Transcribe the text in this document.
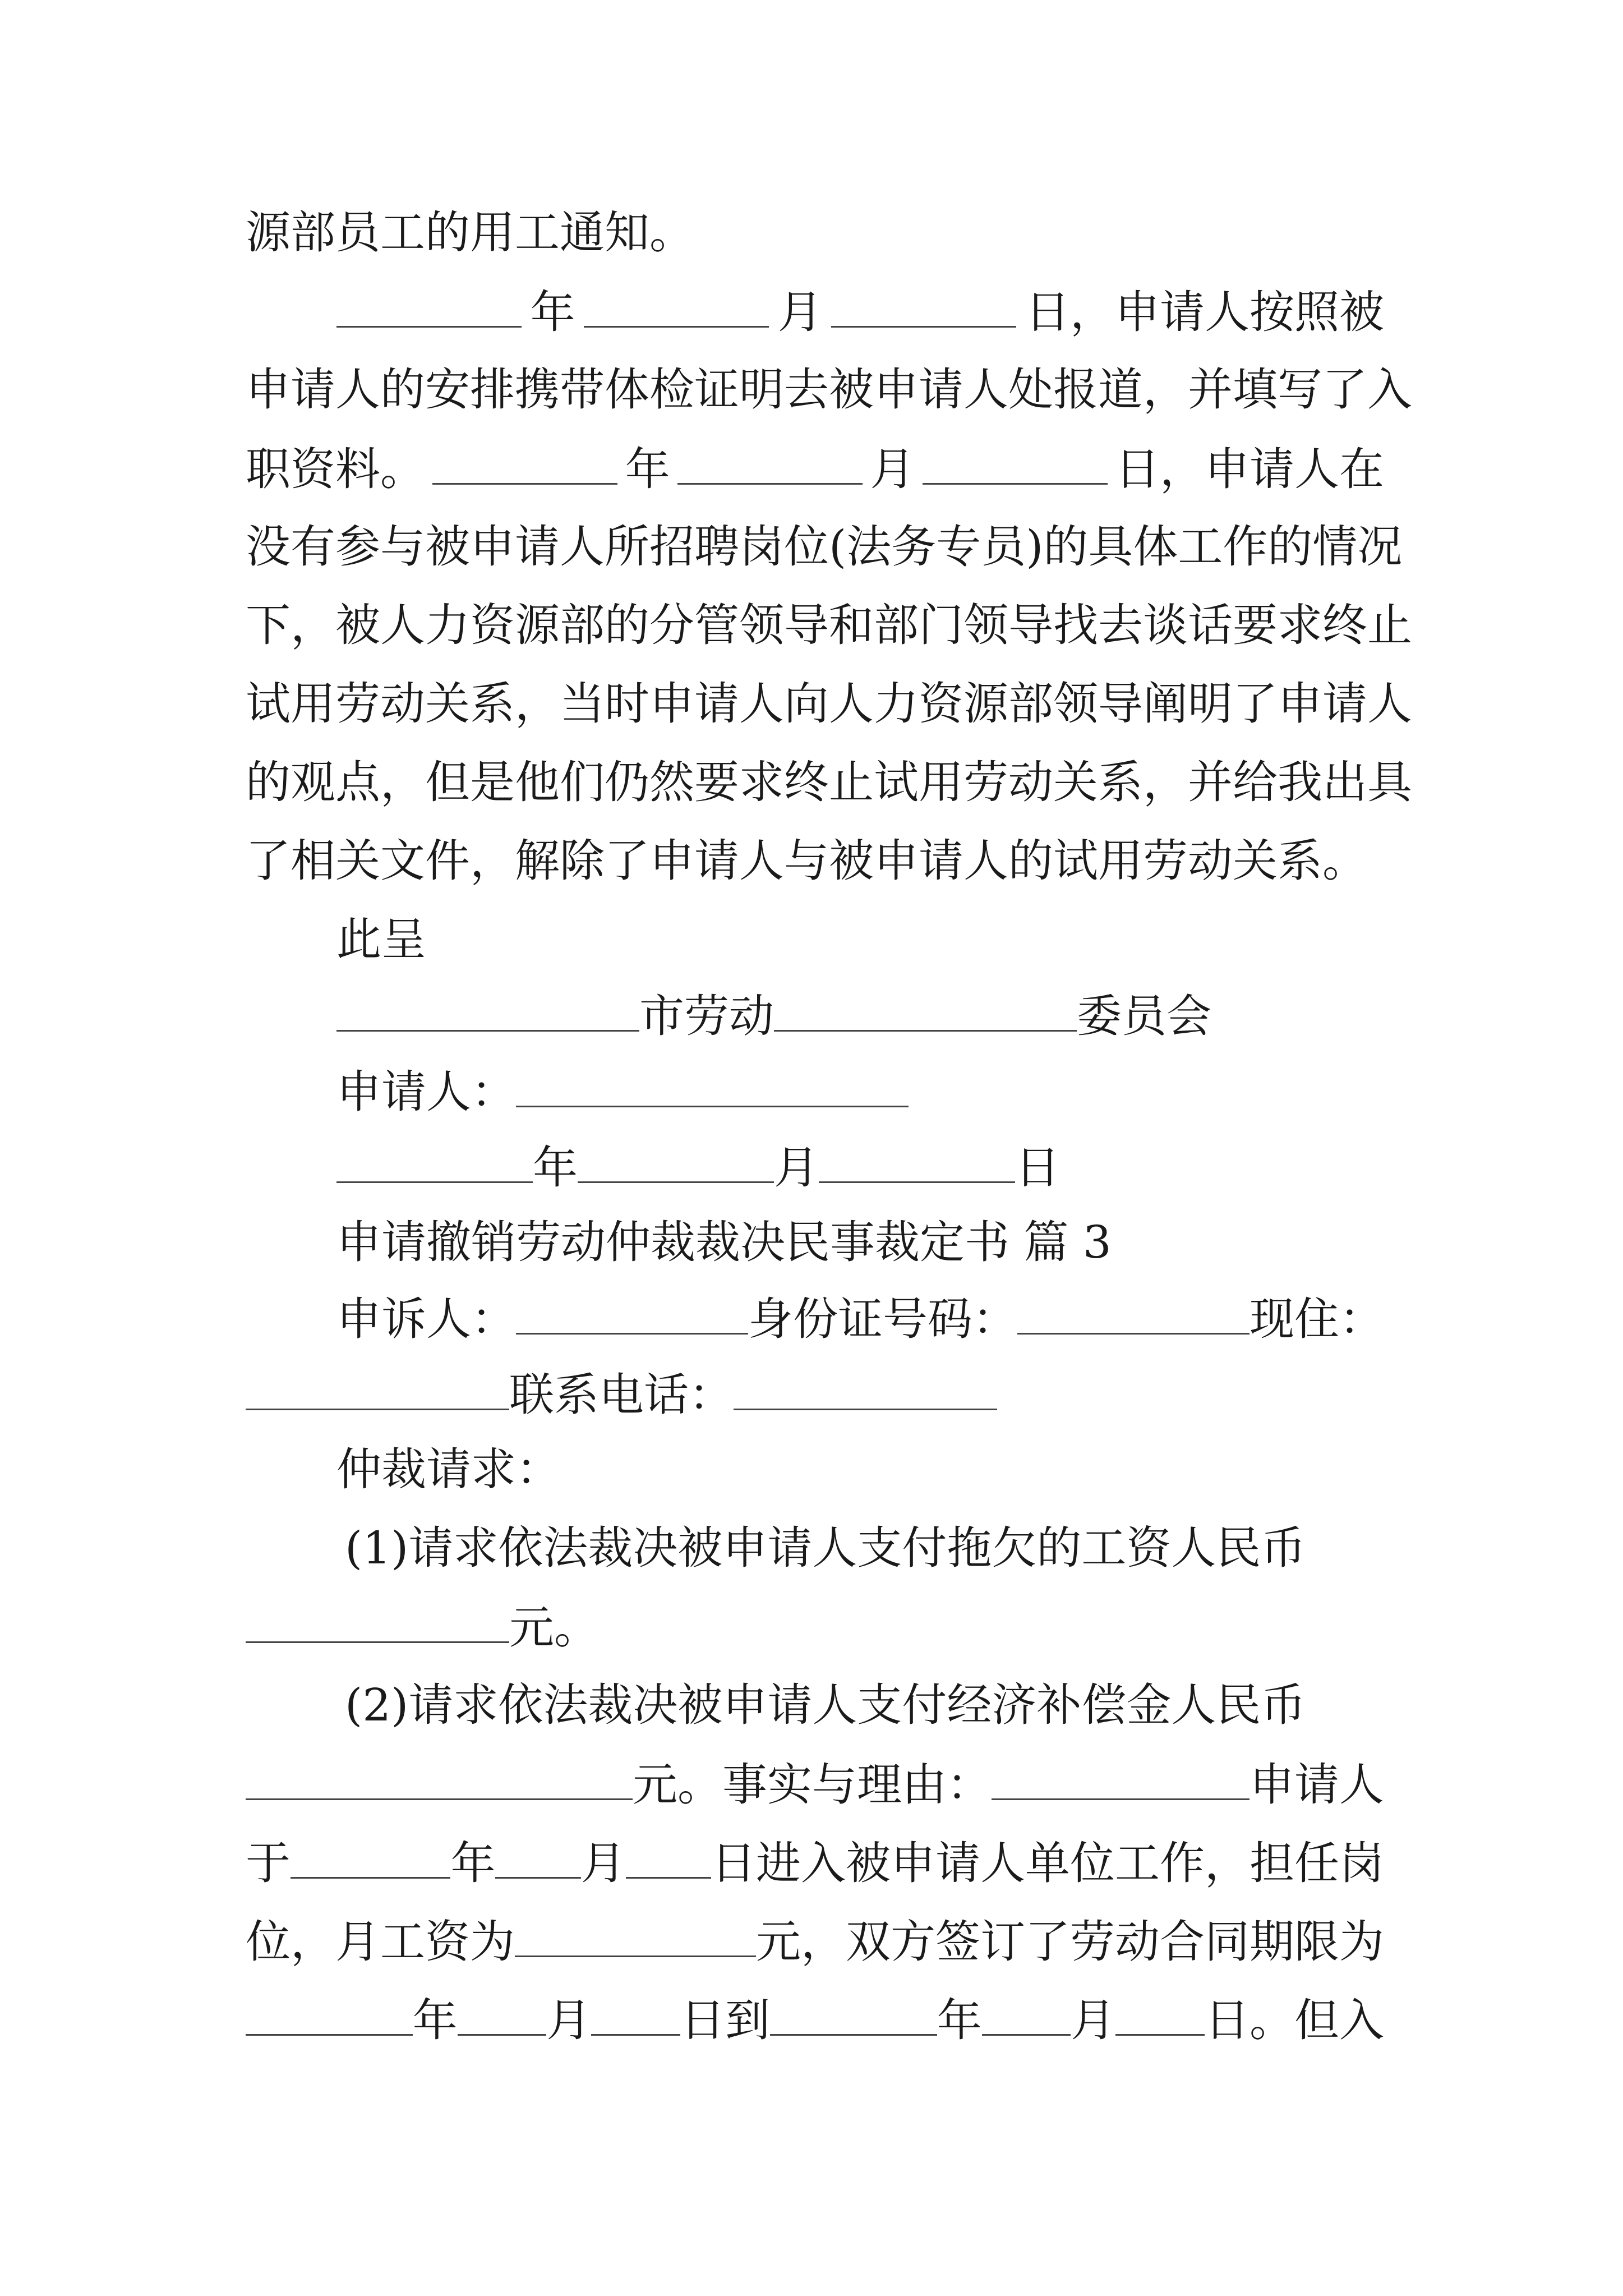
源部员工的用工通知。
年	月	日，申请人按照被
申请人的安排携带体检证明去被申请人处报道，并填写了入
职资料。	年	月	日，申请人在
没有参与被申请人所招聘岗位(法务专员)的具体工作的情况
下，被人力资源部的分管领导和部门领导找去谈话要求终止
试用劳动关系，当时申请人向人力资源部领导阐明了申请人
的观点，但是他们仍然要求终止试用劳动关系，并给我出具
了相关文件，解除了申请人与被申请人的试用劳动关系。
此呈
市劳动	委员会
申请人：
年	月	日
申请撤销劳动仲裁裁决民事裁定书 篇 3
申诉人：	身份证号码：	现住：
联系电话：
仲裁请求：
(1)请求依法裁决被申请人支付拖欠的工资人民币
元。
(2)请求依法裁决被申请人支付经济补偿金人民币
元。事实与理由：	申请人
于	年 月 日进入被申请人单位工作，担任岗
位，月工资为	元，双方签订了劳动合同期限为
年 月 日到	年 月 日。但入
